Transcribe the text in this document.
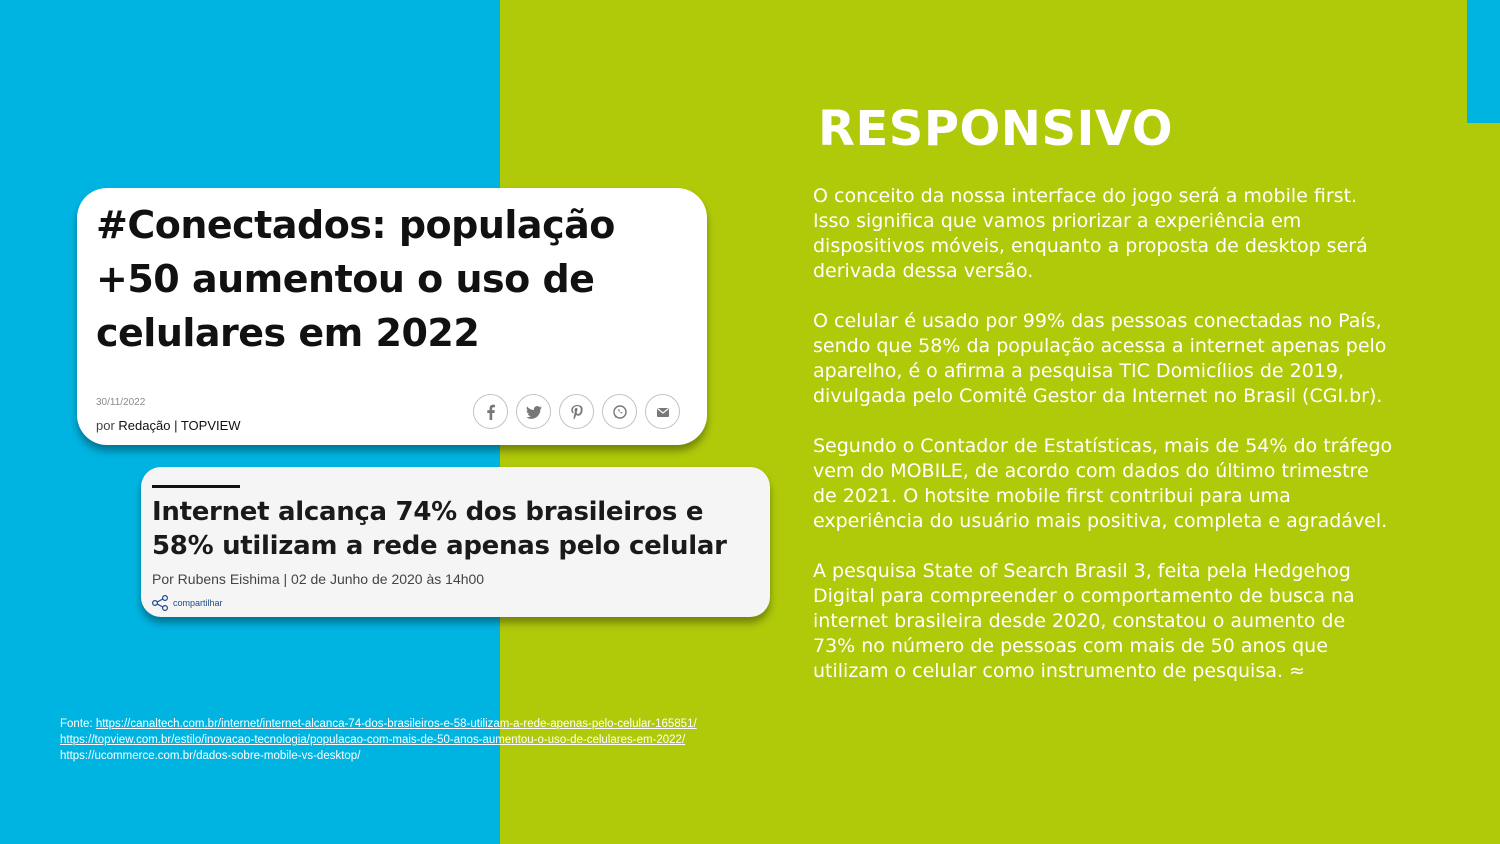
RESPONSIVO

O conceito da nossa interface do jogo será a mobile first. Isso significa que vamos priorizar a experiência em dispositivos móveis, enquanto a proposta de desktop será derivada dessa versão.

O celular é usado por 99% das pessoas conectadas no País, sendo que 58% da população acessa a internet apenas pelo aparelho, é o afirma a pesquisa TIC Domicílios de 2019, divulgada pelo Comitê Gestor da Internet no Brasil (CGI.br).

Segundo o Contador de Estatísticas, mais de 54% do tráfego vem do MOBILE, de acordo com dados do último trimestre de 2021. O hotsite mobile first contribui para uma experiência do usuário mais positiva, completa e agradável.

A pesquisa State of Search Brasil 3, feita pela Hedgehog Digital para compreender o comportamento de busca na internet brasileira desde 2020, constatou o aumento de 73% no número de pessoas com mais de 50 anos que utilizam o celular como instrumento de pesquisa. ≈

#Conectados: população +50 aumentou o uso de celulares em 2022
30/11/2022
por Redação | TOPVIEW
Internet alcança 74% dos brasileiros e 58% utilizam a rede apenas pelo celular
Por Rubens Eishima | 02 de Junho de 2020 às 14h00
compartilhar
Fonte: https://canaltech.com.br/internet/internet-alcanca-74-dos-brasileiros-e-58-utilizam-a-rede-apenas-pelo-celular-165851/
https://topview.com.br/estilo/inovacao-tecnologia/populacao-com-mais-de-50-anos-aumentou-o-uso-de-celulares-em-2022/
https://ucommerce.com.br/dados-sobre-mobile-vs-desktop/
